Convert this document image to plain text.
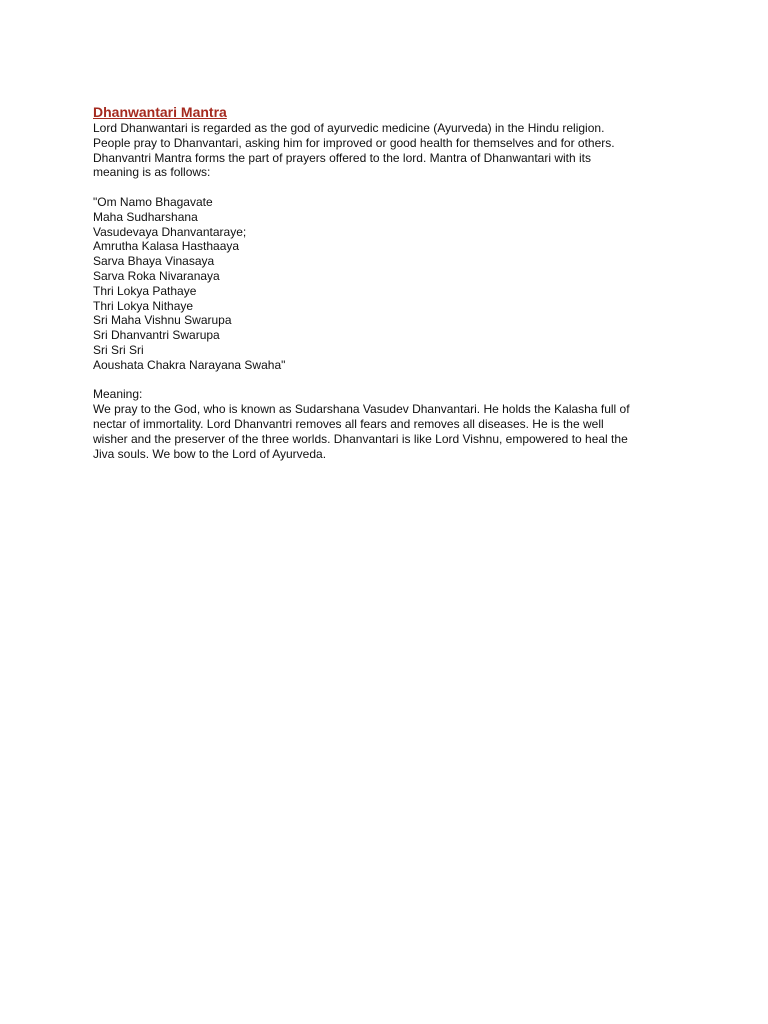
Dhanwantari Mantra
Lord Dhanwantari is regarded as the god of ayurvedic medicine (Ayurveda) in the Hindu religion.
People pray to Dhanvantari, asking him for improved or good health for themselves and for others.
Dhanvantri Mantra forms the part of prayers offered to the lord. Mantra of Dhanwantari with its
meaning is as follows:
"Om Namo Bhagavate
Maha Sudharshana
Vasudevaya Dhanvantaraye;
Amrutha Kalasa Hasthaaya
Sarva Bhaya Vinasaya
Sarva Roka Nivaranaya
Thri Lokya Pathaye
Thri Lokya Nithaye
Sri Maha Vishnu Swarupa
Sri Dhanvantri Swarupa
Sri Sri Sri
Aoushata Chakra Narayana Swaha"
Meaning:
We pray to the God, who is known as Sudarshana Vasudev Dhanvantari. He holds the Kalasha full of
nectar of immortality. Lord Dhanvantri removes all fears and removes all diseases. He is the well
wisher and the preserver of the three worlds. Dhanvantari is like Lord Vishnu, empowered to heal the
Jiva souls. We bow to the Lord of Ayurveda.
